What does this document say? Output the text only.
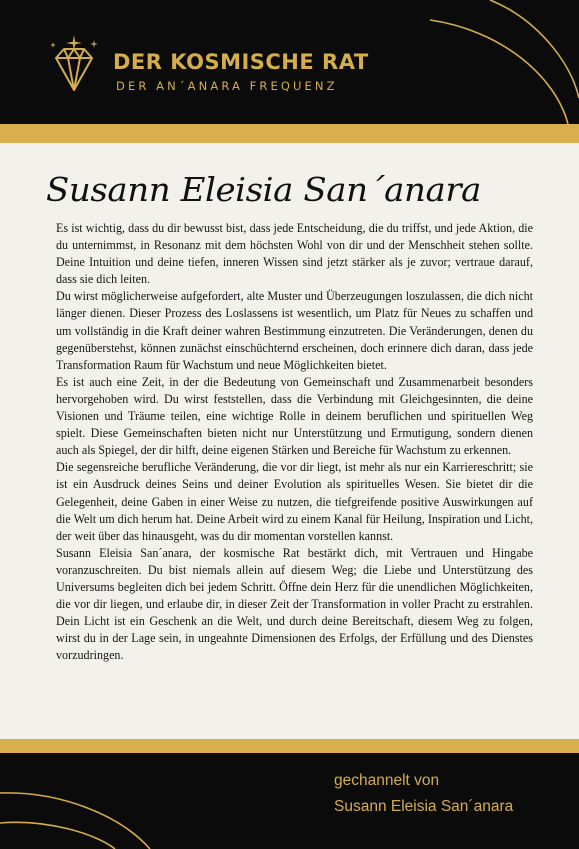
DER KOSMISCHE RAT
DER AN´ANARA FREQUENZ
Susann Eleisia San´anara

Es ist wichtig, dass du dir bewusst bist, dass jede Entscheidung, die du triffst, und jede Aktion, die du unternimmst, in Resonanz mit dem höchsten Wohl von dir und der Menschheit stehen sollte. Deine Intuition und deine tiefen, inneren Wissen sind jetzt stärker als je zuvor; vertraue darauf, dass sie dich leiten.

Du wirst möglicherweise aufgefordert, alte Muster und Überzeugungen loszulassen, die dich nicht länger dienen. Dieser Prozess des Loslassens ist wesentlich, um Platz für Neues zu schaffen und um vollständig in die Kraft deiner wahren Bestimmung einzutreten. Die Veränderungen, denen du gegenüberstehst, können zunächst einschüchternd erscheinen, doch erinnere dich daran, dass jede Transformation Raum für Wachstum und neue Möglichkeiten bietet.

Es ist auch eine Zeit, in der die Bedeutung von Gemeinschaft und Zusammenarbeit besonders hervorgehoben wird. Du wirst feststellen, dass die Verbindung mit Gleichgesinnten, die deine Visionen und Träume teilen, eine wichtige Rolle in deinem beruflichen und spirituellen Weg spielt. Diese Gemeinschaften bieten nicht nur Unterstützung und Ermutigung, sondern dienen auch als Spiegel, der dir hilft, deine eigenen Stärken und Bereiche für Wachstum zu erkennen.

Die segensreiche berufliche Veränderung, die vor dir liegt, ist mehr als nur ein Karriereschritt; sie ist ein Ausdruck deines Seins und deiner Evolution als spirituelles Wesen. Sie bietet dir die Gelegenheit, deine Gaben in einer Weise zu nutzen, die tiefgreifende positive Auswirkungen auf die Welt um dich herum hat. Deine Arbeit wird zu einem Kanal für Heilung, Inspiration und Licht, der weit über das hinausgeht, was du dir momentan vorstellen kannst.

Susann Eleisia San´anara, der kosmische Rat bestärkt dich, mit Vertrauen und Hingabe voranzuschreiten. Du bist niemals allein auf diesem Weg; die Liebe und Unterstützung des Universums begleiten dich bei jedem Schritt. Öffne dein Herz für die unendlichen Möglichkeiten, die vor dir liegen, und erlaube dir, in dieser Zeit der Transformation in voller Pracht zu erstrahlen. Dein Licht ist ein Geschenk an die Welt, und durch deine Bereitschaft, diesem Weg zu folgen, wirst du in der Lage sein, in ungeahnte Dimensionen des Erfolgs, der Erfüllung und des Dienstes vorzudringen.

gechannelt von
Susann Eleisia San´anara
